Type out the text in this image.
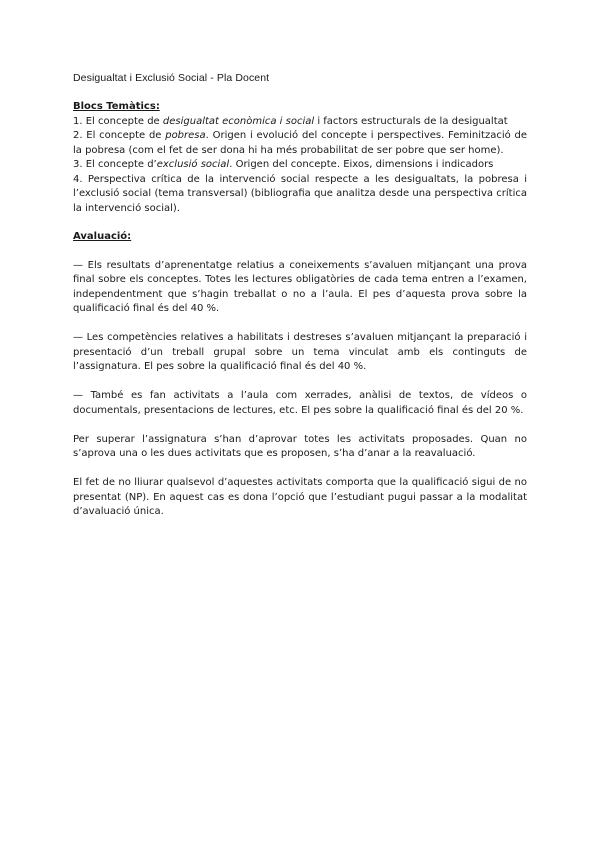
Desigualtat i Exclusió Social - Pla Docent

Blocs Temàtics:

1. El concepte de desigualtat econòmica i social i factors estructurals de la desigualtat

2. El concepte de pobresa. Origen i evolució del concepte i perspectives. Feminització de la pobresa (com el fet de ser dona hi ha més probabilitat de ser pobre que ser home).

3. El concepte d’exclusió social. Origen del concepte. Eixos, dimensions i indicadors

4. Perspectiva crítica de la intervenció social respecte a les desigualtats, la pobresa i l’exclusió social (tema transversal) (bibliografia que analitza desde una perspectiva crítica la intervenció social).

Avaluació:

— Els resultats d’aprenentatge relatius a coneixements s’avaluen mitjançant una prova final sobre els conceptes. Totes les lectures obligatòries de cada tema entren a l’examen, independentment que s’hagin treballat o no a l’aula. El pes d’aquesta prova sobre la qualificació final és del 40 %.

— Les competències relatives a habilitats i destreses s’avaluen mitjançant la preparació i presentació d’un treball grupal sobre un tema vinculat amb els continguts de l’assignatura. El pes sobre la qualificació final és del 40 %.

— També es fan activitats a l’aula com xerrades, anàlisi de textos, de vídeos o documentals, presentacions de lectures, etc. El pes sobre la qualificació final és del 20 %.

Per superar l’assignatura s’han d’aprovar totes les activitats proposades. Quan no s’aprova una o les dues activitats que es proposen, s’ha d’anar a la reavaluació.

El fet de no lliurar qualsevol d’aquestes activitats comporta que la qualificació sigui de no presentat (NP). En aquest cas es dona l’opció que l’estudiant pugui passar a la modalitat d’avaluació única.
